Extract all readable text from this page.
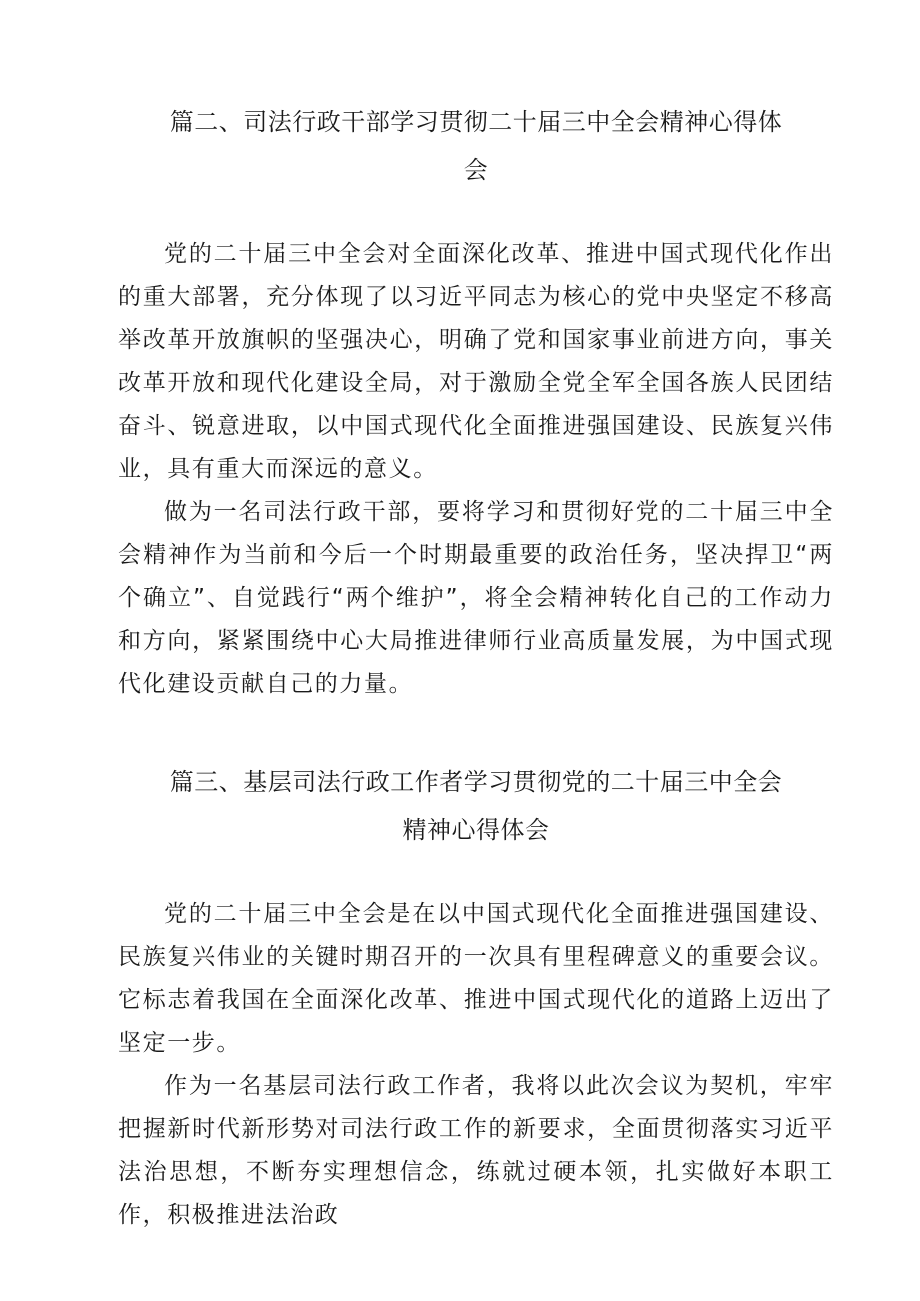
篇二、司法行政干部学习贯彻二十届三中全会精神心得体
会

党的二十届三中全会对全面深化改革、推进中国式现代化作出的重大部署，充分体现了以习近平同志为核心的党中央坚定不移高举改革开放旗帜的坚强决心，明确了党和国家事业前进方向，事关改革开放和现代化建设全局，对于激励全党全军全国各族人民团结奋斗、锐意进取，以中国式现代化全面推进强国建设、民族复兴伟业，具有重大而深远的意义。

做为一名司法行政干部，要将学习和贯彻好党的二十届三中全会精神作为当前和今后一个时期最重要的政治任务，坚决捍卫“两个确立”、自觉践行“两个维护”，将全会精神转化自己的工作动力和方向，紧紧围绕中心大局推进律师行业高质量发展，为中国式现代化建设贡献自己的力量。

篇三、基层司法行政工作者学习贯彻党的二十届三中全会
精神心得体会

党的二十届三中全会是在以中国式现代化全面推进强国建设、民族复兴伟业的关键时期召开的一次具有里程碑意义的重要会议。它标志着我国在全面深化改革、推进中国式现代化的道路上迈出了坚定一步。

作为一名基层司法行政工作者，我将以此次会议为契机，牢牢把握新时代新形势对司法行政工作的新要求，全面贯彻落实习近平法治思想，不断夯实理想信念，练就过硬本领，扎实做好本职工作，积极推进法治政
